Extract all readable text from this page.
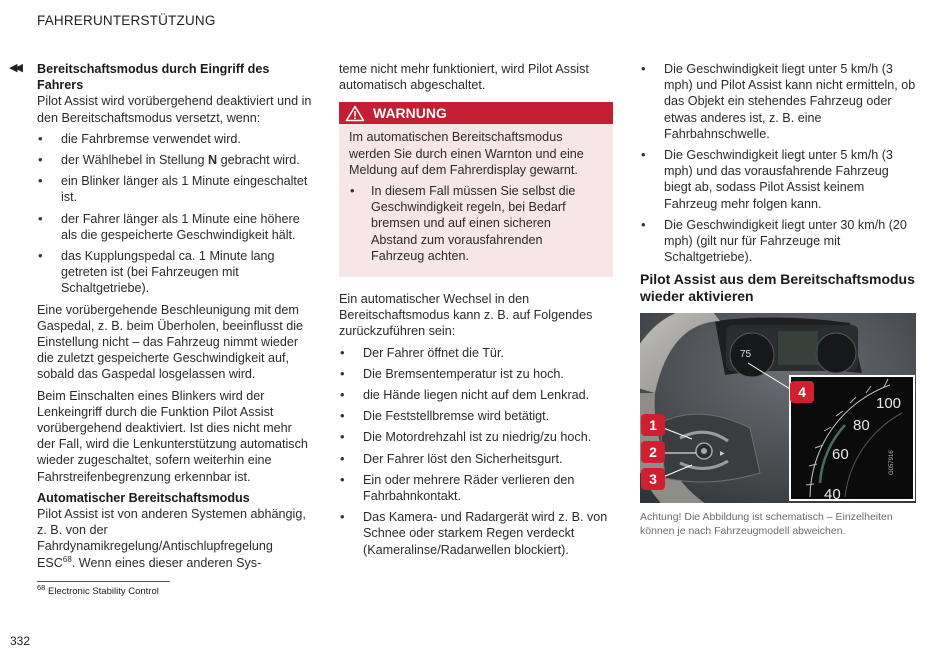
FAHRERUNTERSTÜTZUNG
◀◀ Bereitschaftsmodus durch Eingriff des Fahrers

Pilot Assist wird vorübergehend deaktiviert und in den Bereitschaftsmodus versetzt, wenn:

• die Fahrbremse verwendet wird.
• der Wählhebel in Stellung N gebracht wird.
• ein Blinker länger als 1 Minute eingeschaltet ist.
• der Fahrer länger als 1 Minute eine höhere als die gespeicherte Geschwindigkeit hält.
• das Kupplungspedal ca. 1 Minute lang getreten ist (bei Fahrzeugen mit Schaltgetriebe).

Eine vorübergehende Beschleunigung mit dem Gaspedal, z. B. beim Überholen, beeinflusst die Einstellung nicht – das Fahrzeug nimmt wieder die zuletzt gespeicherte Geschwindigkeit auf, sobald das Gaspedal losgelassen wird.

Beim Einschalten eines Blinkers wird der Lenkeingriff durch die Funktion Pilot Assist vorübergehend deaktiviert. Ist dies nicht mehr der Fall, wird die Lenkunterstützung automatisch wieder zugeschaltet, sofern weiterhin eine Fahrstreifenbegrenzung erkennbar ist.

Automatischer Bereitschaftsmodus

Pilot Assist ist von anderen Systemen abhängig, z. B. von der Fahrdynamikregelung/Antischlupfregelung ESC$^{68}$. Wenn eines dieser anderen Sys-

teme nicht mehr funktioniert, wird Pilot Assist automatisch abgeschaltet.

WARNUNG

Im automatischen Bereitschaftsmodus werden Sie durch einen Warnton und eine Meldung auf dem Fahrerdisplay gewarnt.

• In diesem Fall müssen Sie selbst die Geschwindigkeit regeln, bei Bedarf bremsen und auf einen sicheren Abstand zum vorausfahrenden Fahrzeug achten.

Ein automatischer Wechsel in den Bereitschaftsmodus kann z. B. auf Folgendes zurückzuführen sein:

• Der Fahrer öffnet die Tür.
• Die Bremsentemperatur ist zu hoch.
• die Hände liegen nicht auf dem Lenkrad.
• Die Feststellbremse wird betätigt.
• Die Motordrehzahl ist zu niedrig/zu hoch.
• Der Fahrer löst den Sicherheitsgurt.
• Ein oder mehrere Räder verlieren den Fahrbahnkontakt.
• Das Kamera- und Radargerät wird z. B. von Schnee oder starkem Regen verdeckt (Kameralinse/Radarwellen blockiert).
• Die Geschwindigkeit liegt unter 5 km/h (3 mph) und Pilot Assist kann nicht ermitteln, ob das Objekt ein stehendes Fahrzeug oder etwas anderes ist, z. B. eine Fahrbahnschwelle.
• Die Geschwindigkeit liegt unter 5 km/h (3 mph) und das vorausfahrende Fahrzeug biegt ab, sodass Pilot Assist keinem Fahrzeug mehr folgen kann.
• Die Geschwindigkeit liegt unter 30 km/h (20 mph) (gilt nur für Fahrzeuge mit Schaltgetriebe).
Pilot Assist aus dem Bereitschaftsmodus wieder aktivieren
▶
1
2
3
4
75
100
80
60
40
G057916
Achtung! Die Abbildung ist schematisch – Einzelheiten können je nach Fahrzeugmodell abweichen.
$^{68}$ Electronic Stability Control
332
